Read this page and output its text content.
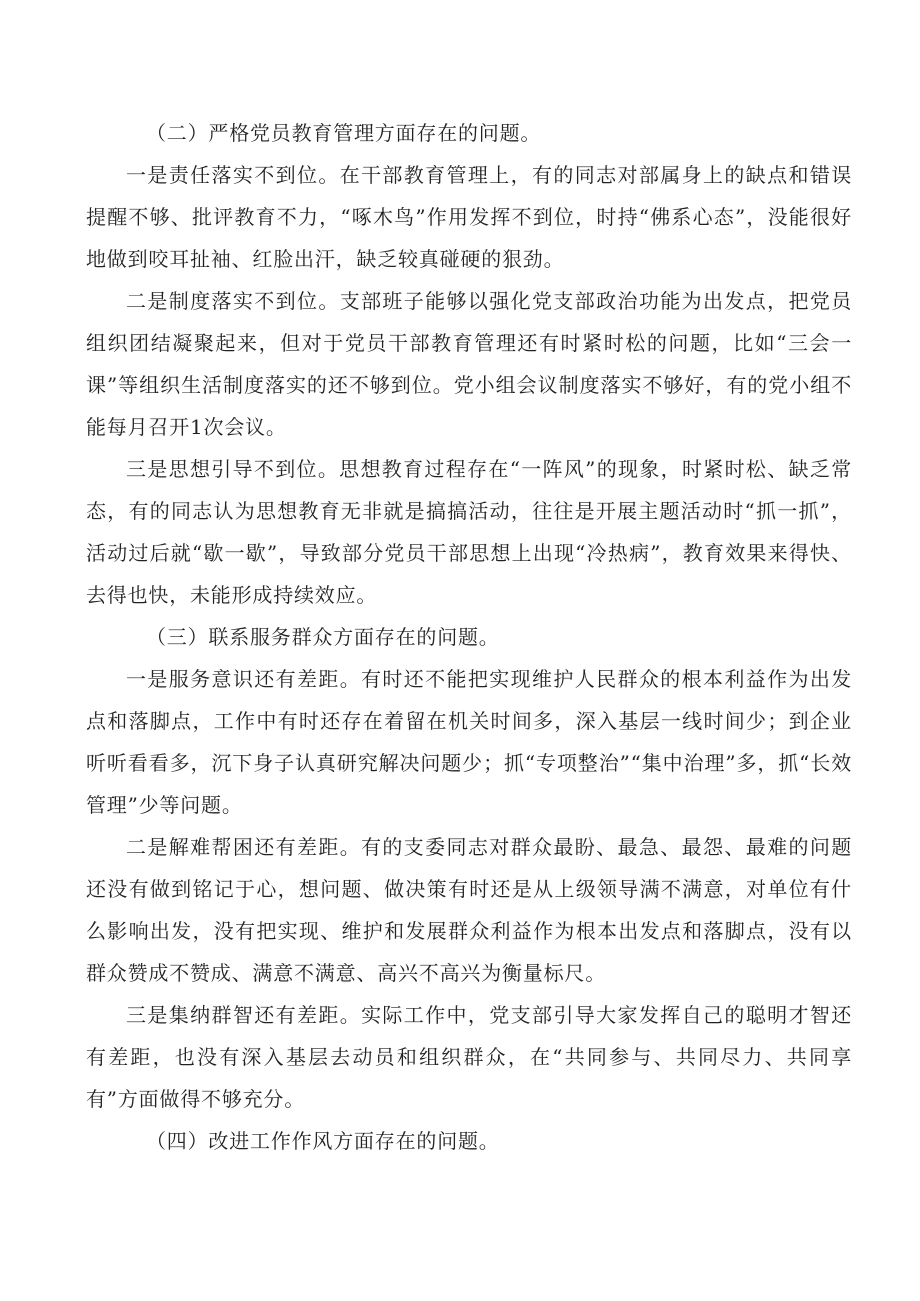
（二）严格党员教育管理方面存在的问题。

一是责任落实不到位。在干部教育管理上，有的同志对部属身上的缺点和错误提醒不够、批评教育不力，“啄木鸟”作用发挥不到位，时持“佛系心态”，没能很好地做到咬耳扯袖、红脸出汗，缺乏较真碰硬的狠劲。

二是制度落实不到位。支部班子能够以强化党支部政治功能为出发点，把党员组织团结凝聚起来，但对于党员干部教育管理还有时紧时松的问题，比如“三会一课”等组织生活制度落实的还不够到位。党小组会议制度落实不够好，有的党小组不能每月召开1次会议。

三是思想引导不到位。思想教育过程存在“一阵风”的现象，时紧时松、缺乏常态，有的同志认为思想教育无非就是搞搞活动，往往是开展主题活动时“抓一抓”，活动过后就“歇一歇”，导致部分党员干部思想上出现“冷热病”，教育效果来得快、去得也快，未能形成持续效应。

（三）联系服务群众方面存在的问题。

一是服务意识还有差距。有时还不能把实现维护人民群众的根本利益作为出发点和落脚点，工作中有时还存在着留在机关时间多，深入基层一线时间少；到企业听听看看多，沉下身子认真研究解决问题少；抓“专项整治”“集中治理”多，抓“长效管理”少等问题。

二是解难帮困还有差距。有的支委同志对群众最盼、最急、最怨、最难的问题还没有做到铭记于心，想问题、做决策有时还是从上级领导满不满意，对单位有什么影响出发，没有把实现、维护和发展群众利益作为根本出发点和落脚点，没有以群众赞成不赞成、满意不满意、高兴不高兴为衡量标尺。

三是集纳群智还有差距。实际工作中，党支部引导大家发挥自己的聪明才智还有差距，也没有深入基层去动员和组织群众，在“共同参与、共同尽力、共同享有”方面做得不够充分。

（四）改进工作作风方面存在的问题。
